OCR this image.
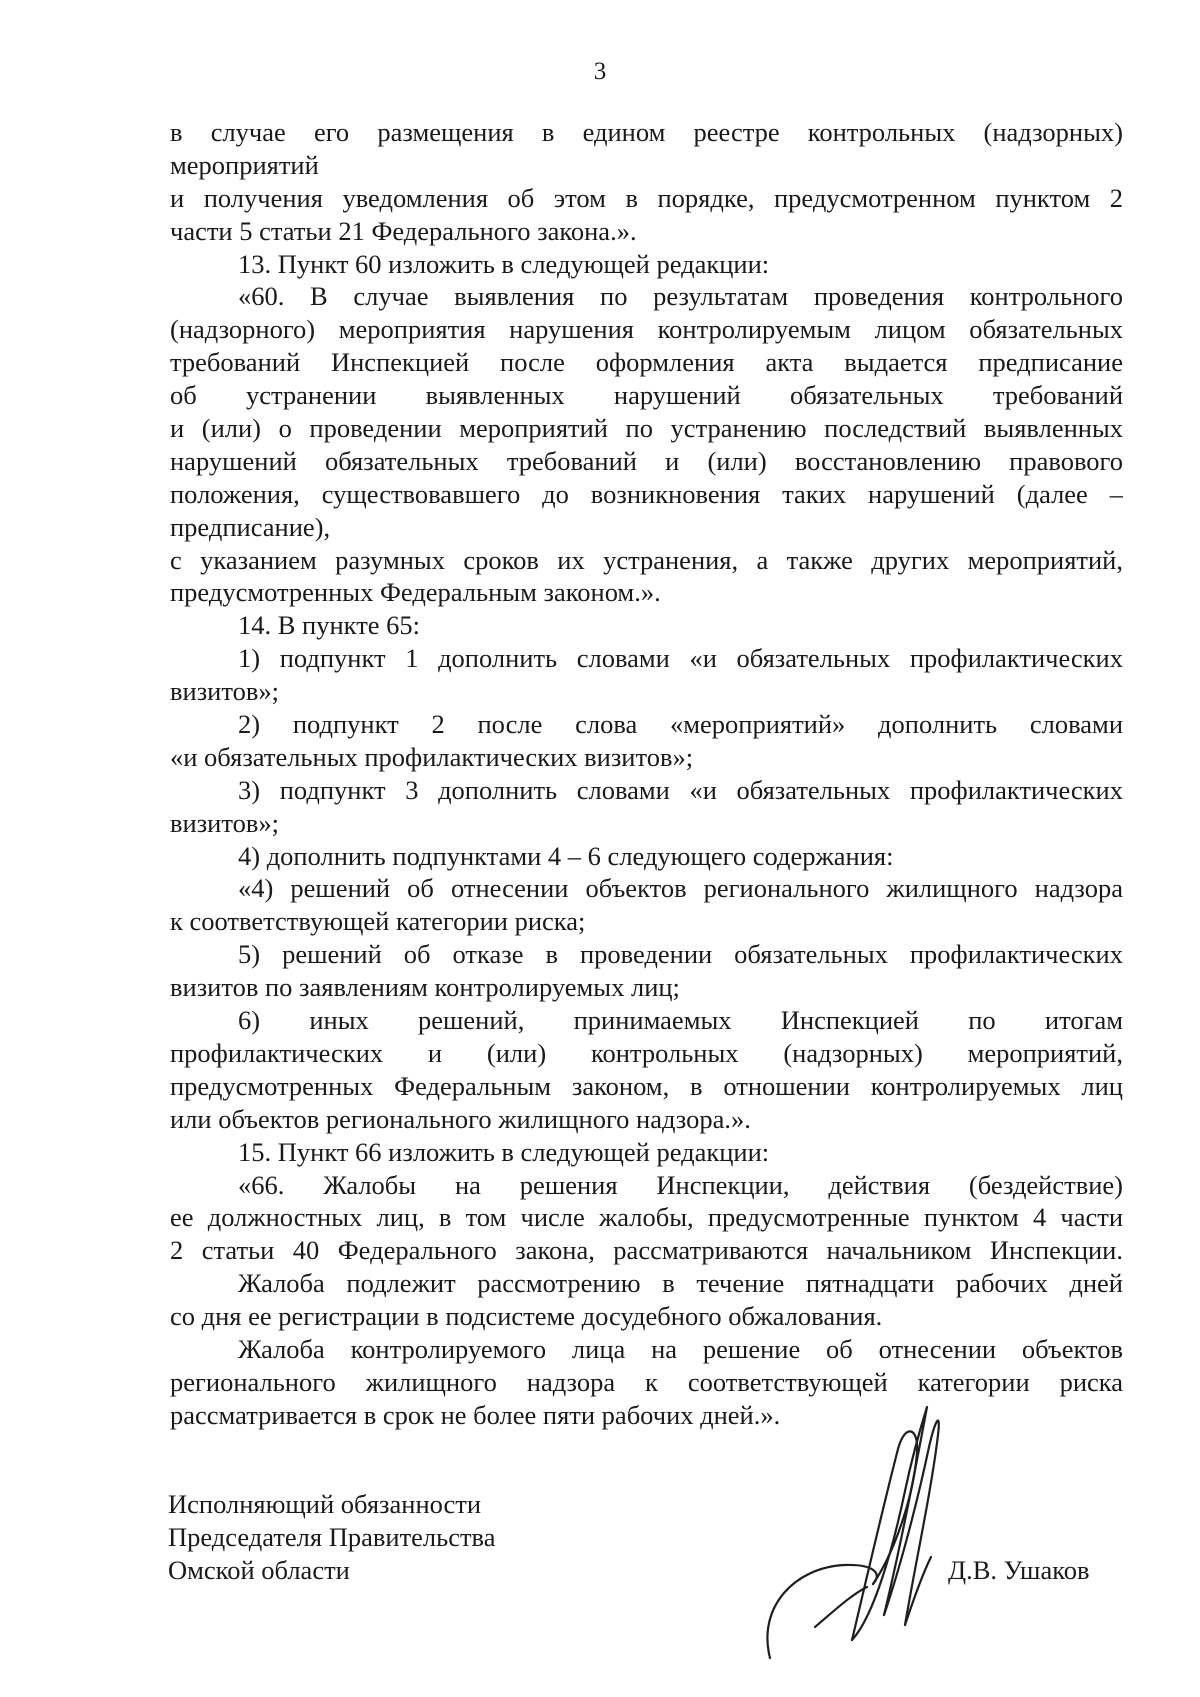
3
в случае его размещения в едином реестре контрольных (надзорных)
мероприятий
и получения уведомления об этом в порядке, предусмотренном пунктом 2
части 5 статьи 21 Федерального закона.».
13. Пункт 60 изложить в следующей редакции:
«60. В случае выявления по результатам проведения контрольного
(надзорного) мероприятия нарушения контролируемым лицом обязательных
требований Инспекцией после оформления акта выдается предписание
об устранении выявленных нарушений обязательных требований
и (или) о проведении мероприятий по устранению последствий выявленных
нарушений обязательных требований и (или) восстановлению правового
положения, существовавшего до возникновения таких нарушений (далее –
предписание),
с указанием разумных сроков их устранения, а также других мероприятий,
предусмотренных Федеральным законом.».
14. В пункте 65:
1) подпункт 1 дополнить словами «и обязательных профилактических
визитов»;
2) подпункт 2 после слова «мероприятий» дополнить словами
«и обязательных профилактических визитов»;
3) подпункт 3 дополнить словами «и обязательных профилактических
визитов»;
4) дополнить подпунктами 4 – 6 следующего содержания:
«4) решений об отнесении объектов регионального жилищного надзора
к соответствующей категории риска;
5) решений об отказе в проведении обязательных профилактических
визитов по заявлениям контролируемых лиц;
6) иных решений, принимаемых Инспекцией по итогам
профилактических и (или) контрольных (надзорных) мероприятий,
предусмотренных Федеральным законом, в отношении контролируемых лиц
или объектов регионального жилищного надзора.».
15. Пункт 66 изложить в следующей редакции:
«66. Жалобы на решения Инспекции, действия (бездействие)
ее должностных лиц, в том числе жалобы, предусмотренные пунктом 4 части
2 статьи 40 Федерального закона, рассматриваются начальником Инспекции.
Жалоба подлежит рассмотрению в течение пятнадцати рабочих дней
со дня ее регистрации в подсистеме досудебного обжалования.
Жалоба контролируемого лица на решение об отнесении объектов
регионального жилищного надзора к соответствующей категории риска
рассматривается в срок не более пяти рабочих дней.».
Исполняющий обязанности
Председателя Правительства
Омской области	Д.В. Ушаков
